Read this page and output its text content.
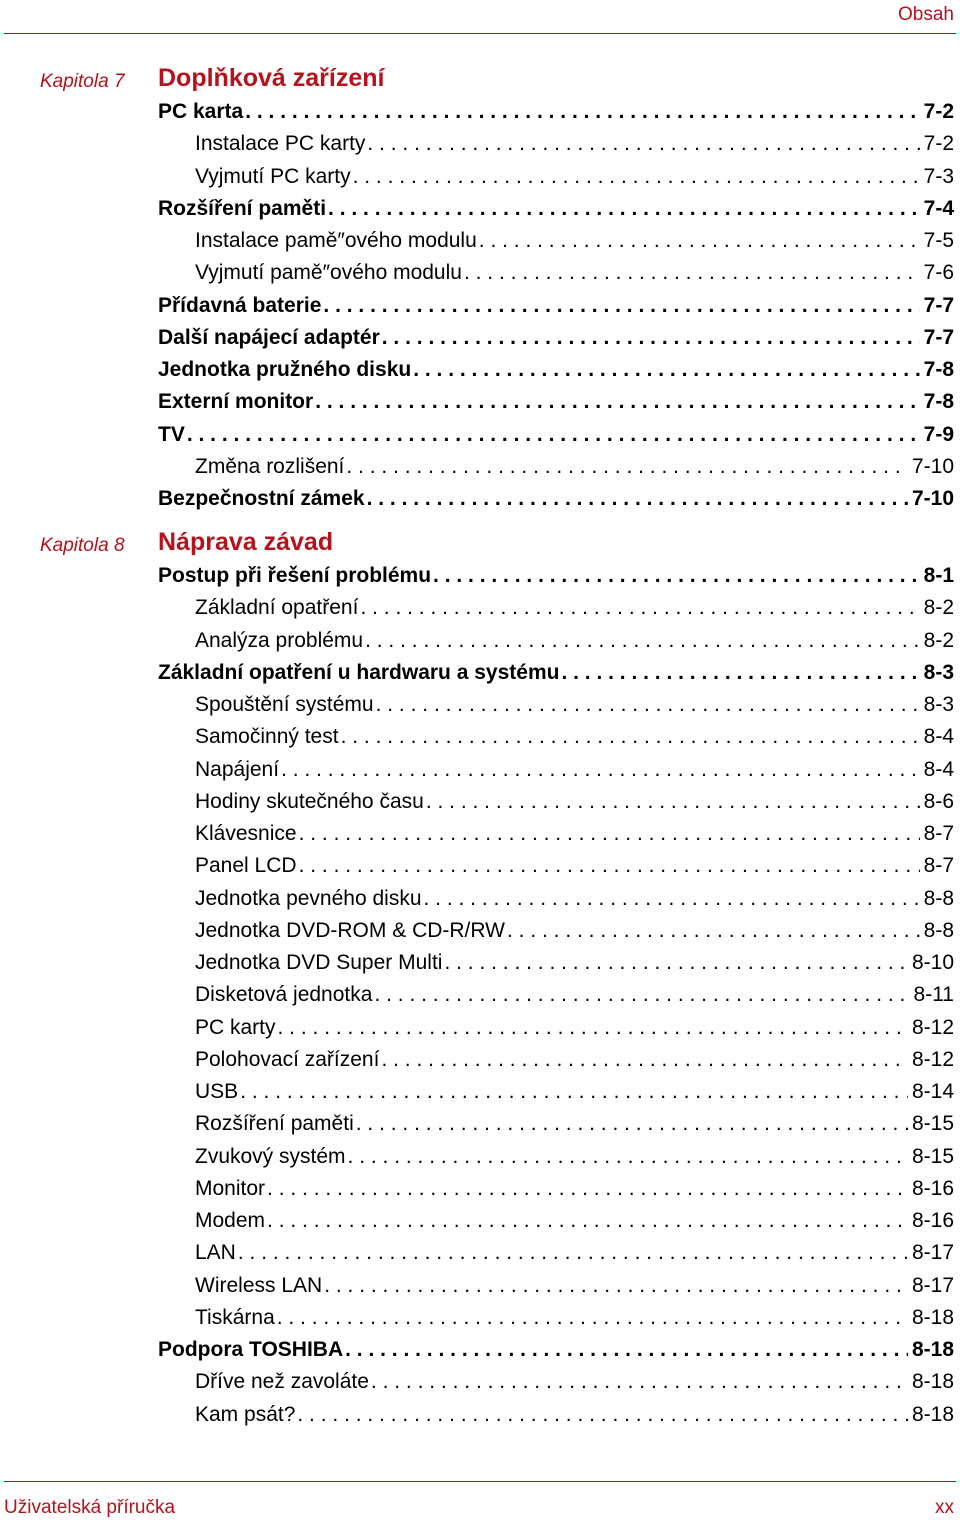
Obsah
Kapitola 7 Doplňková zařízení
PC karta . . .	7-2
Instalace PC karty . . .	7-2
Vyjmutí PC karty . . .	7-3
Rozšíření paměti . . .	7-4
Instalace pamě″ového modulu . . .	7-5
Vyjmutí pamě″ového modulu . . .	7-6
Přídavná baterie . . .	7-7
Další napájecí adaptér . . .	7-7
Jednotka pružného disku . . .	7-8
Externí monitor . . .	7-8
TV . . .	7-9
Změna rozlišení . . .	7-10
Bezpečnostní zámek . . .	7-10
Kapitola 8 Náprava závad
Postup při řešení problému . . .	8-1
Základní opatření . . .	8-2
Analýza problému . . .	8-2
Základní opatření u hardwaru a systému . . .	8-3
Spouštění systému . . .	8-3
Samočinný test . . .	8-4
Napájení . . .	8-4
Hodiny skutečného času . . .	8-6
Klávesnice . . .	8-7
Panel LCD . . .	8-7
Jednotka pevného disku . . .	8-8
Jednotka DVD-ROM & CD-R/RW . . .	8-8
Jednotka DVD Super Multi . . .	8-10
Disketová jednotka . . .	8-11
PC karty . . .	8-12
Polohovací zařízení . . .	8-12
USB . . .	8-14
Rozšíření paměti . . .	8-15
Zvukový systém . . .	8-15
Monitor . . .	8-16
Modem . . .	8-16
LAN . . .	8-17
Wireless LAN . . .	8-17
Tiskárna . . .	8-18
Podpora TOSHIBA . . .	8-18
Dříve než zavoláte . . .	8-18
Kam psát? . . .	8-18
Uživatelská příručka	xx
